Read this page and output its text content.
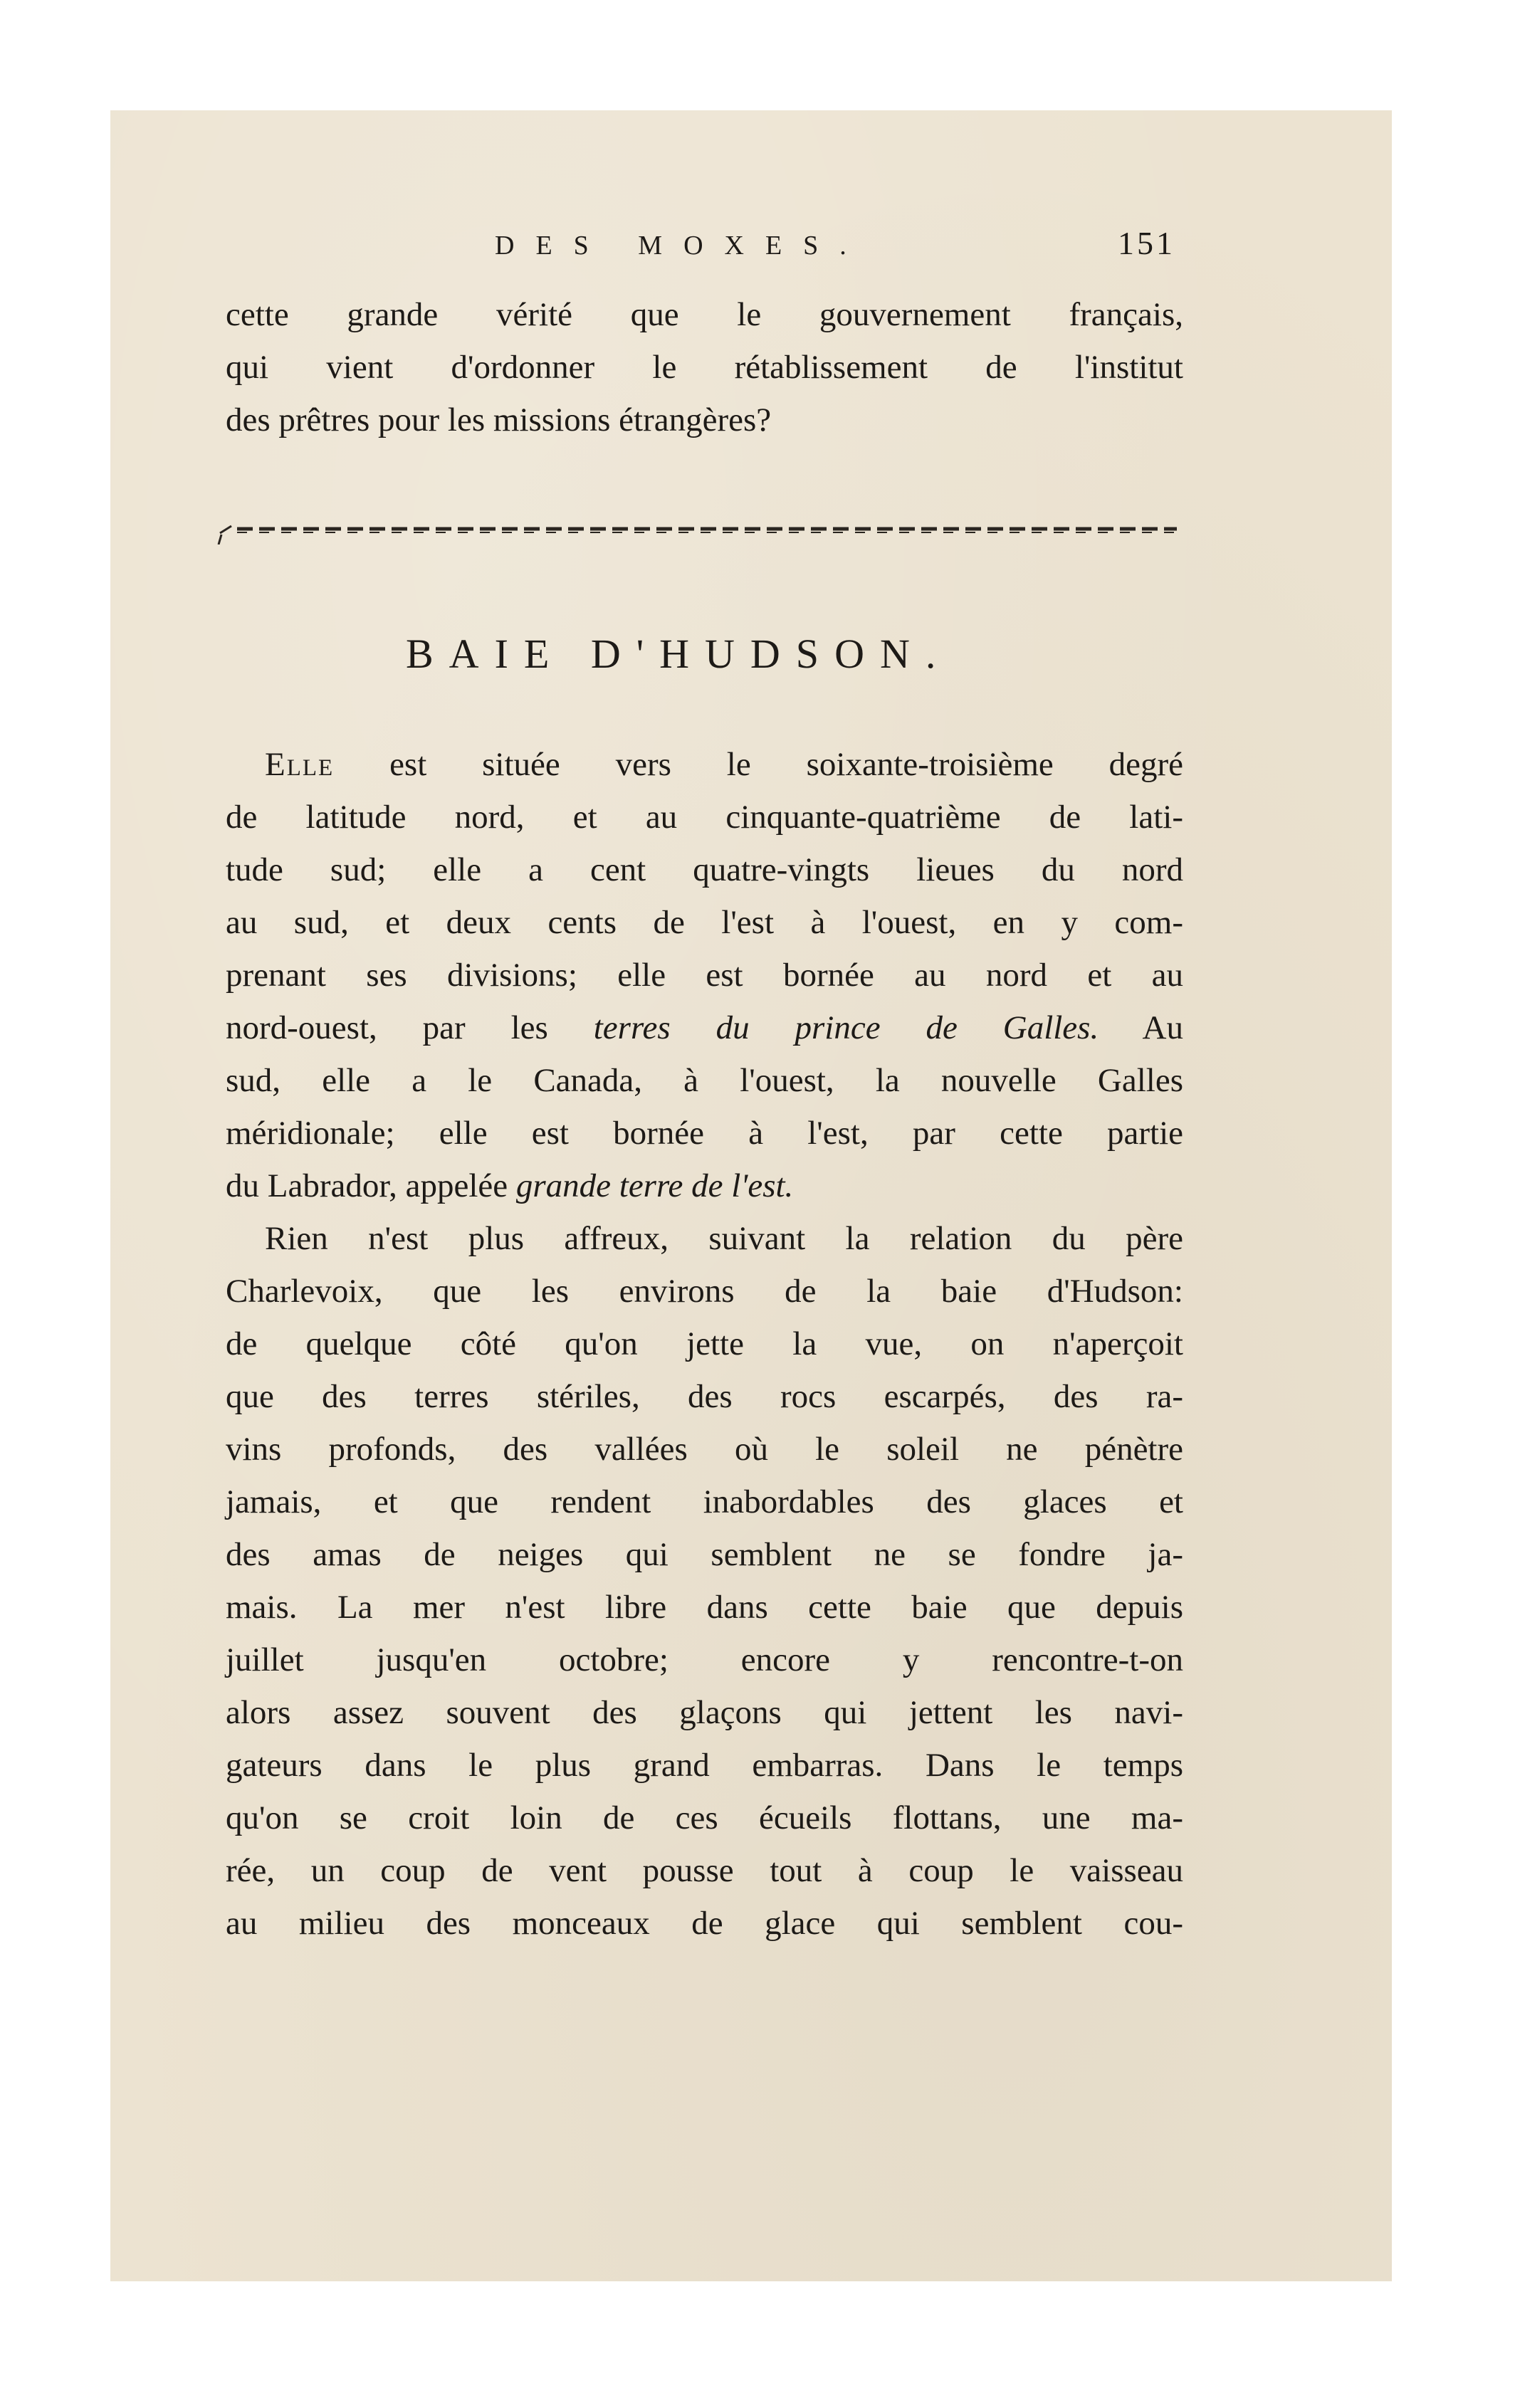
DES MOXES.	151
cette grande vérité que le gouvernement français,
qui vient d'ordonner le rétablissement de l'institut
des prêtres pour les missions étrangères?
BAIE D'HUDSON.
Elle est située vers le soixante-troisième degré
de latitude nord, et au cinquante-quatrième de lati-
tude sud; elle a cent quatre-vingts lieues du nord
au sud, et deux cents de l'est à l'ouest, en y com-
prenant ses divisions; elle est bornée au nord et au
nord-ouest, par les terres du prince de Galles. Au
sud, elle a le Canada, à l'ouest, la nouvelle Galles
méridionale; elle est bornée à l'est, par cette partie
du Labrador, appelée grande terre de l'est.
Rien n'est plus affreux, suivant la relation du père
Charlevoix, que les environs de la baie d'Hudson:
de quelque côté qu'on jette la vue, on n'aperçoit
que des terres stériles, des rocs escarpés, des ra-
vins profonds, des vallées où le soleil ne pénètre
jamais, et que rendent inabordables des glaces et
des amas de neiges qui semblent ne se fondre ja-
mais. La mer n'est libre dans cette baie que depuis
juillet jusqu'en octobre; encore y rencontre-t-on
alors assez souvent des glaçons qui jettent les navi-
gateurs dans le plus grand embarras. Dans le temps
qu'on se croit loin de ces écueils flottans, une ma-
rée, un coup de vent pousse tout à coup le vaisseau
au milieu des monceaux de glace qui semblent cou-
